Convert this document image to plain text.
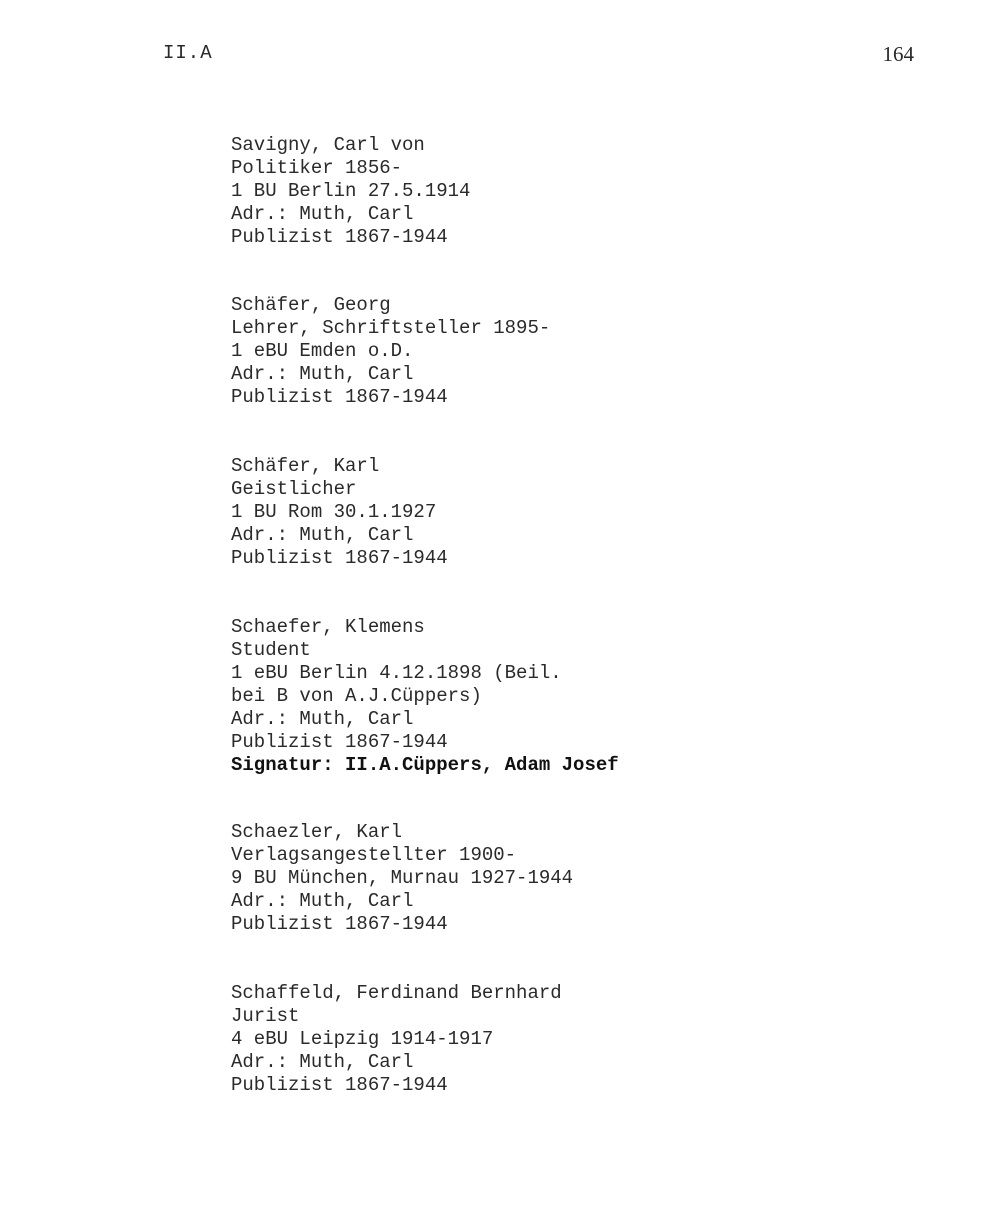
II.A	164
Savigny, Carl von
Politiker 1856-
1 BU Berlin 27.5.1914
Adr.: Muth, Carl
Publizist 1867-1944
Schäfer, Georg
Lehrer, Schriftsteller 1895-
1 eBU Emden o.D.
Adr.: Muth, Carl
Publizist 1867-1944
Schäfer, Karl
Geistlicher
1 BU Rom 30.1.1927
Adr.: Muth, Carl
Publizist 1867-1944
Schaefer, Klemens
Student
1 eBU Berlin 4.12.1898 (Beil.
bei B von A.J.Cüppers)
Adr.: Muth, Carl
Publizist 1867-1944
Signatur: II.A.Cüppers, Adam Josef
Schaezler, Karl
Verlagsangestellter 1900-
9 BU München, Murnau 1927-1944
Adr.: Muth, Carl
Publizist 1867-1944
Schaffeld, Ferdinand Bernhard
Jurist
4 eBU Leipzig 1914-1917
Adr.: Muth, Carl
Publizist 1867-1944
